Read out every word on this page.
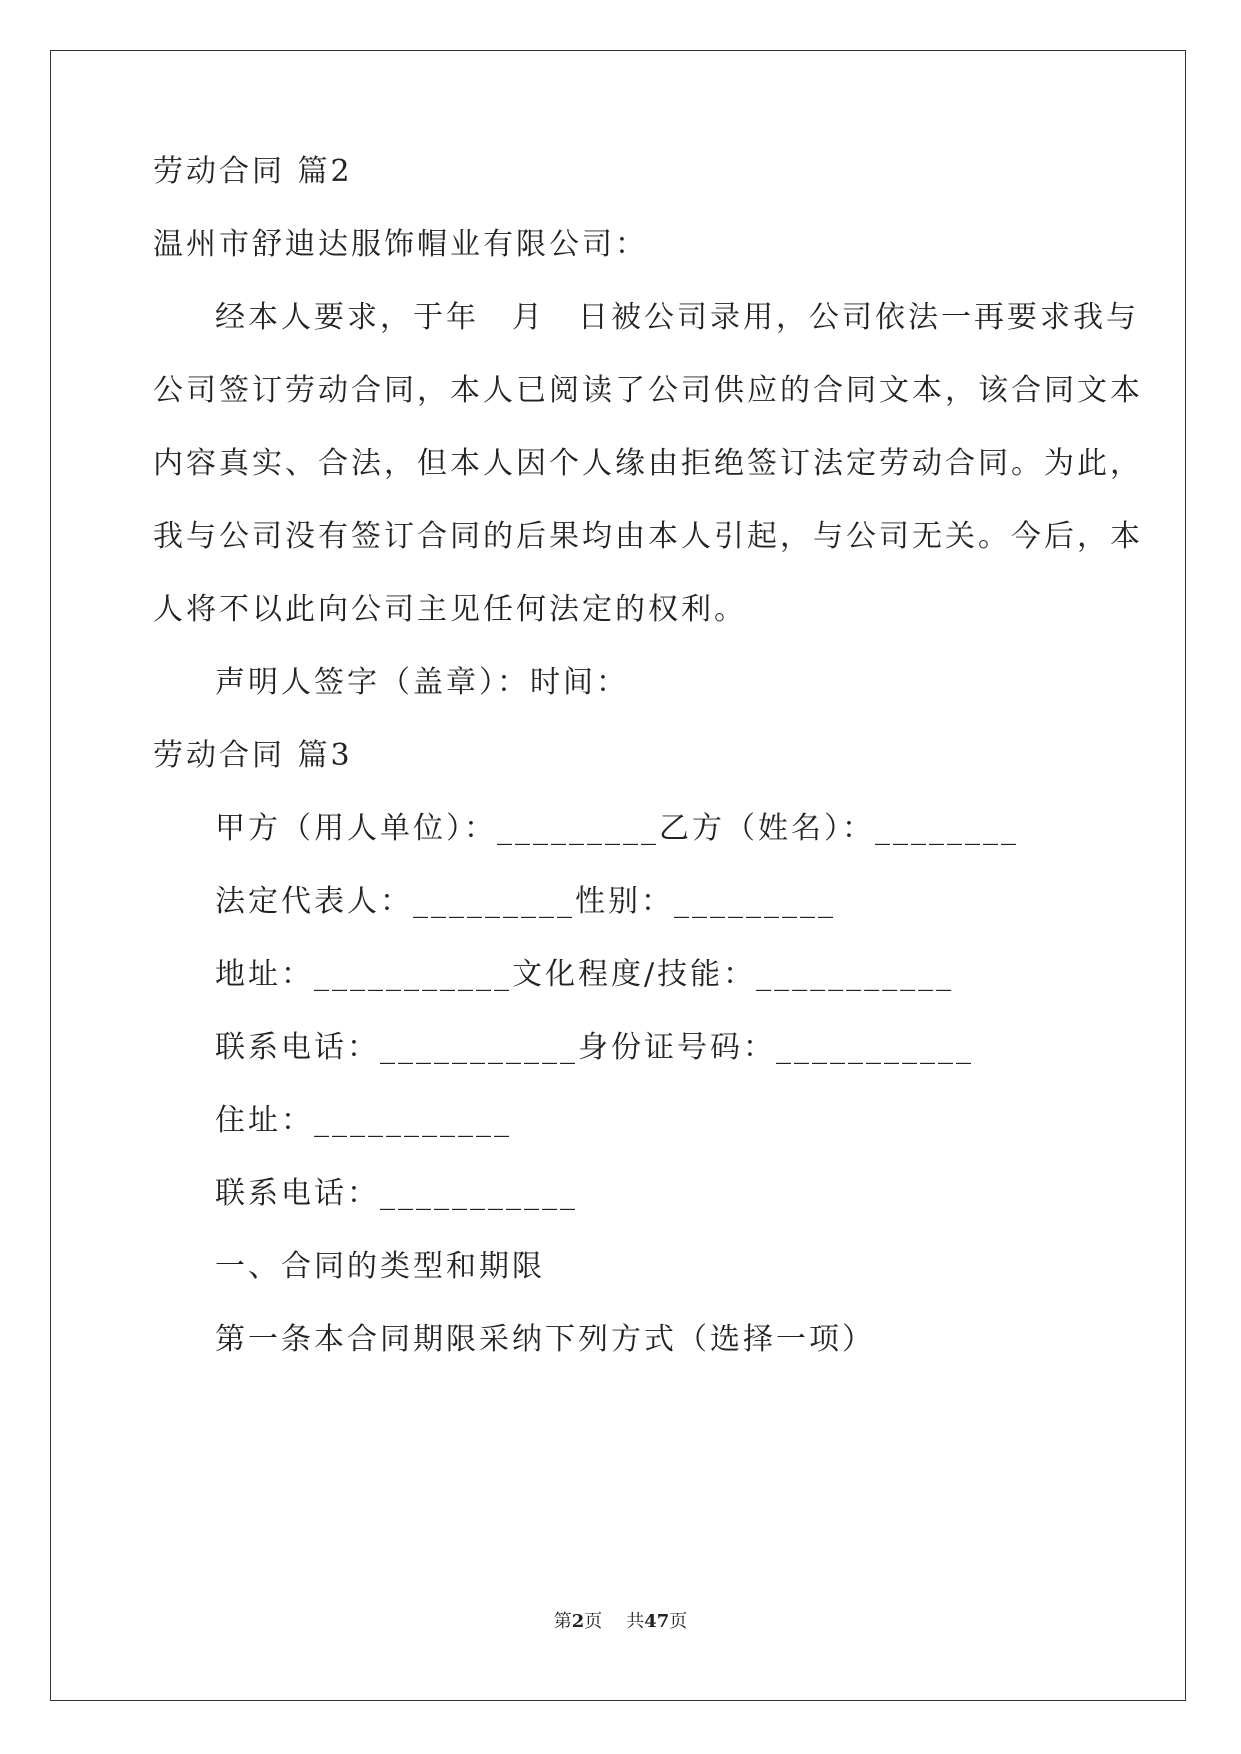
劳动合同 篇2
温州市舒迪达服饰帽业有限公司：
经本人要求，于年　月　日被公司录用，公司依法一再要求我与
公司签订劳动合同，本人已阅读了公司供应的合同文本，该合同文本
内容真实、合法，但本人因个人缘由拒绝签订法定劳动合同。为此，
我与公司没有签订合同的后果均由本人引起，与公司无关。今后，本
人将不以此向公司主见任何法定的权利。
声明人签字（盖章）：时间：
劳动合同 篇3
甲方（用人单位）：_________乙方（姓名）：________
法定代表人：_________性别：_________
地址：___________文化程度/技能：___________
联系电话：___________身份证号码：___________
住址：___________
联系电话：___________
一、合同的类型和期限
第一条本合同期限采纳下列方式（选择一项）
第2页 共47页
